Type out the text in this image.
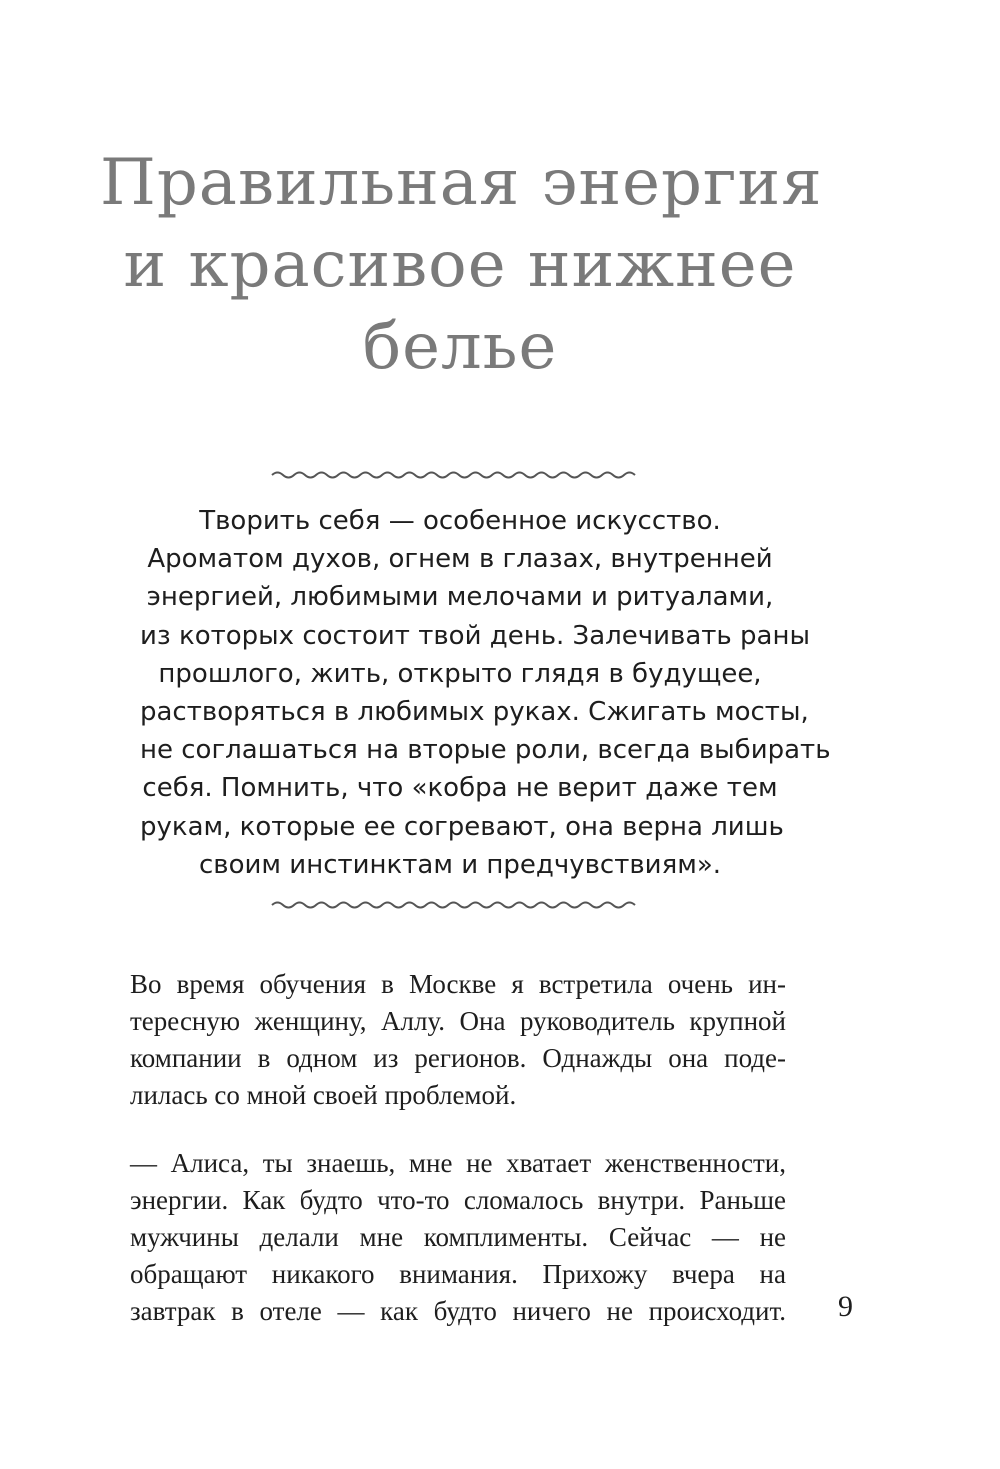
Правильная энергия
и красивое нижнее
белье
Творить себя — особенное искусство.
Ароматом духов, огнем в глазах, внутренней
энергией, любимыми мелочами и ритуалами,
из которых состоит твой день. Залечивать раны
прошлого, жить, открыто глядя в будущее,
растворяться в любимых руках. Сжигать мосты,
не соглашаться на вторые роли, всегда выбирать
себя. Помнить, что «кобра не верит даже тем
рукам, которые ее согревают, она верна лишь
своим инстинктам и предчувствиям».
Во время обучения в Москве я встретила очень ин-
тересную женщину, Аллу. Она руководитель крупной
компании в одном из регионов. Однажды она поде-
лилась со мной своей проблемой.
— Алиса, ты знаешь, мне не хватает женственности,
энергии. Как будто что-то сломалось внутри. Раньше
мужчины делали мне комплименты. Сейчас — не
обращают никакого внимания. Прихожу вчера на
завтрак в отеле — как будто ничего не происходит. 9
